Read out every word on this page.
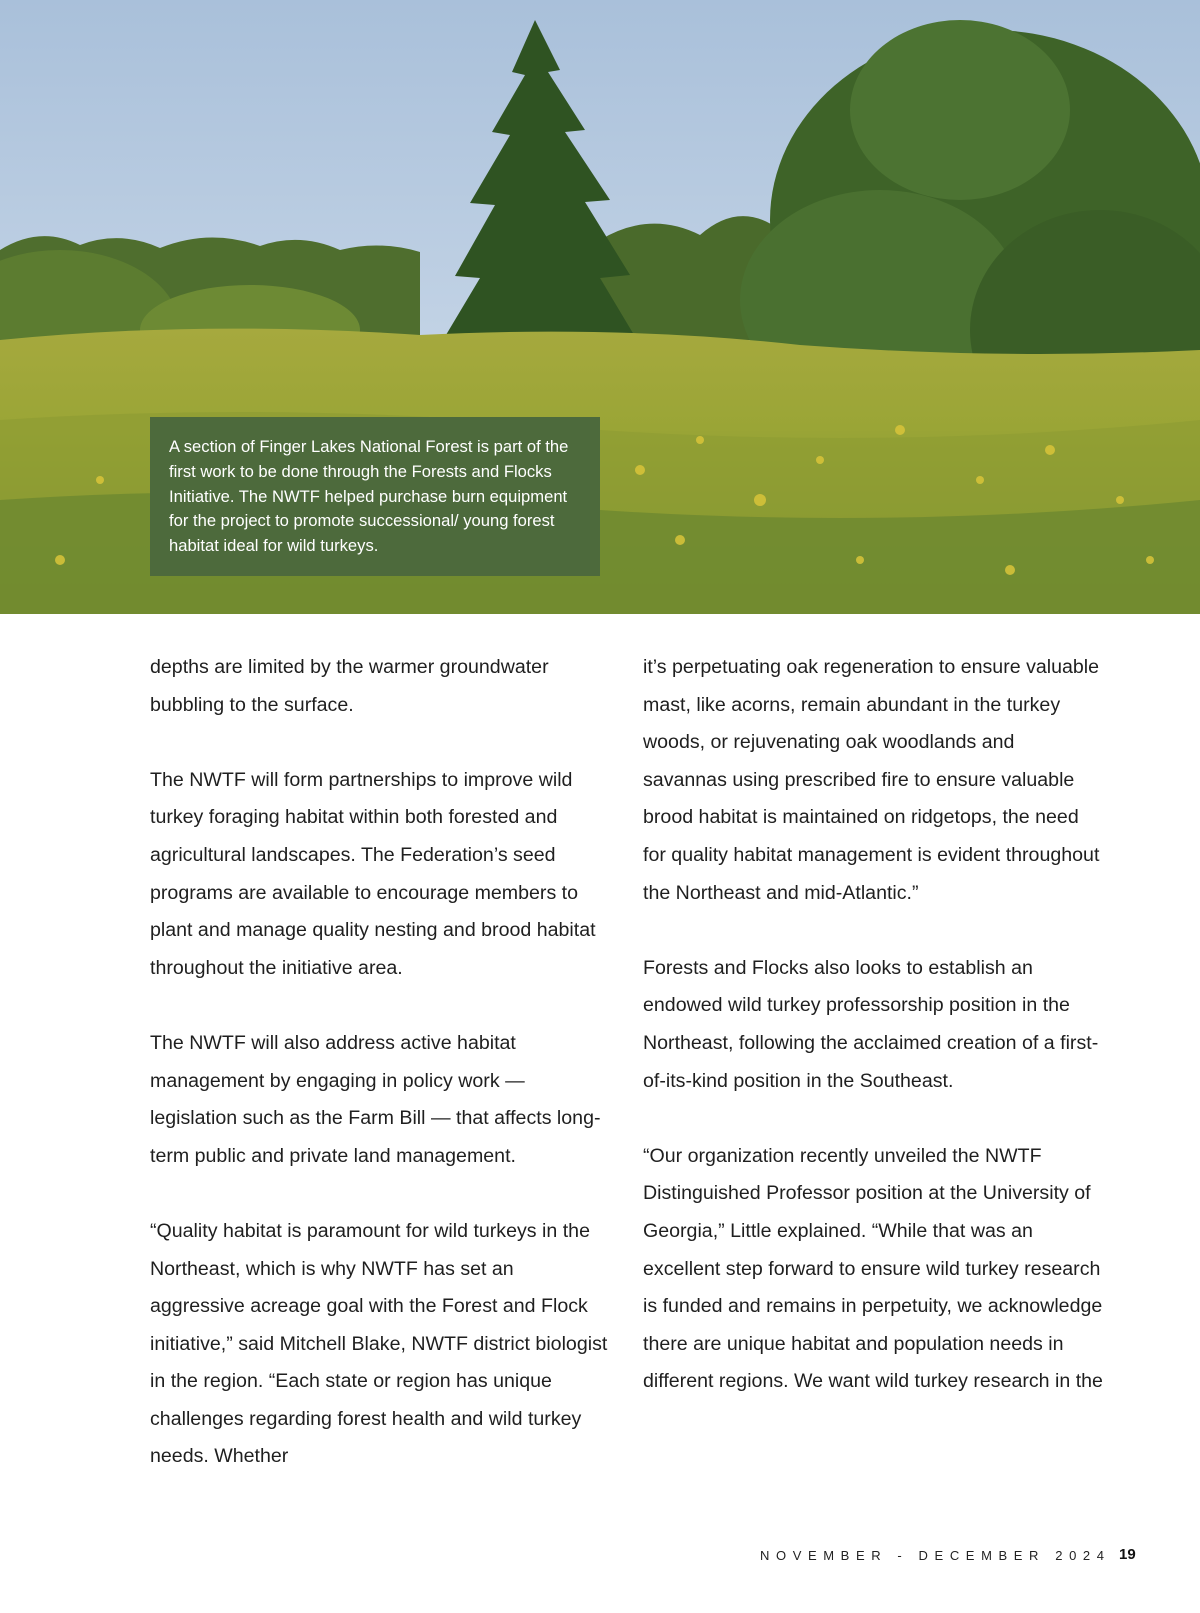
A section of Finger Lakes National Forest is part of the first work to be done through the Forests and Flocks Initiative. The NWTF helped purchase burn equipment for the project to promote successional/ young forest habitat ideal for wild turkeys.

depths are limited by the warmer groundwater bubbling to the surface.

The NWTF will form partnerships to improve wild turkey foraging habitat within both forested and agricultural landscapes. The Federation’s seed programs are available to encourage members to plant and manage quality nesting and brood habitat throughout the initiative area.

The NWTF will also address active habitat management by engaging in policy work — legislation such as the Farm Bill — that affects long-term public and private land management.

“Quality habitat is paramount for wild turkeys in the Northeast, which is why NWTF has set an aggressive acreage goal with the Forest and Flock initiative,” said Mitchell Blake, NWTF district biologist in the region. “Each state or region has unique challenges regarding forest health and wild turkey needs. Whether

it’s perpetuating oak regeneration to ensure valuable mast, like acorns, remain abundant in the turkey woods, or rejuvenating oak woodlands and savannas using prescribed fire to ensure valuable brood habitat is maintained on ridgetops, the need for quality habitat management is evident throughout the Northeast and mid-Atlantic.”

Forests and Flocks also looks to establish an endowed wild turkey professorship position in the Northeast, following the acclaimed creation of a first-of-its-kind position in the Southeast.

“Our organization recently unveiled the NWTF Distinguished Professor position at the University of Georgia,” Little explained. “While that was an excellent step forward to ensure wild turkey research is funded and remains in perpetuity, we acknowledge there are unique habitat and population needs in different regions. We want wild turkey research in the

NOVEMBER - DECEMBER 2024 19
